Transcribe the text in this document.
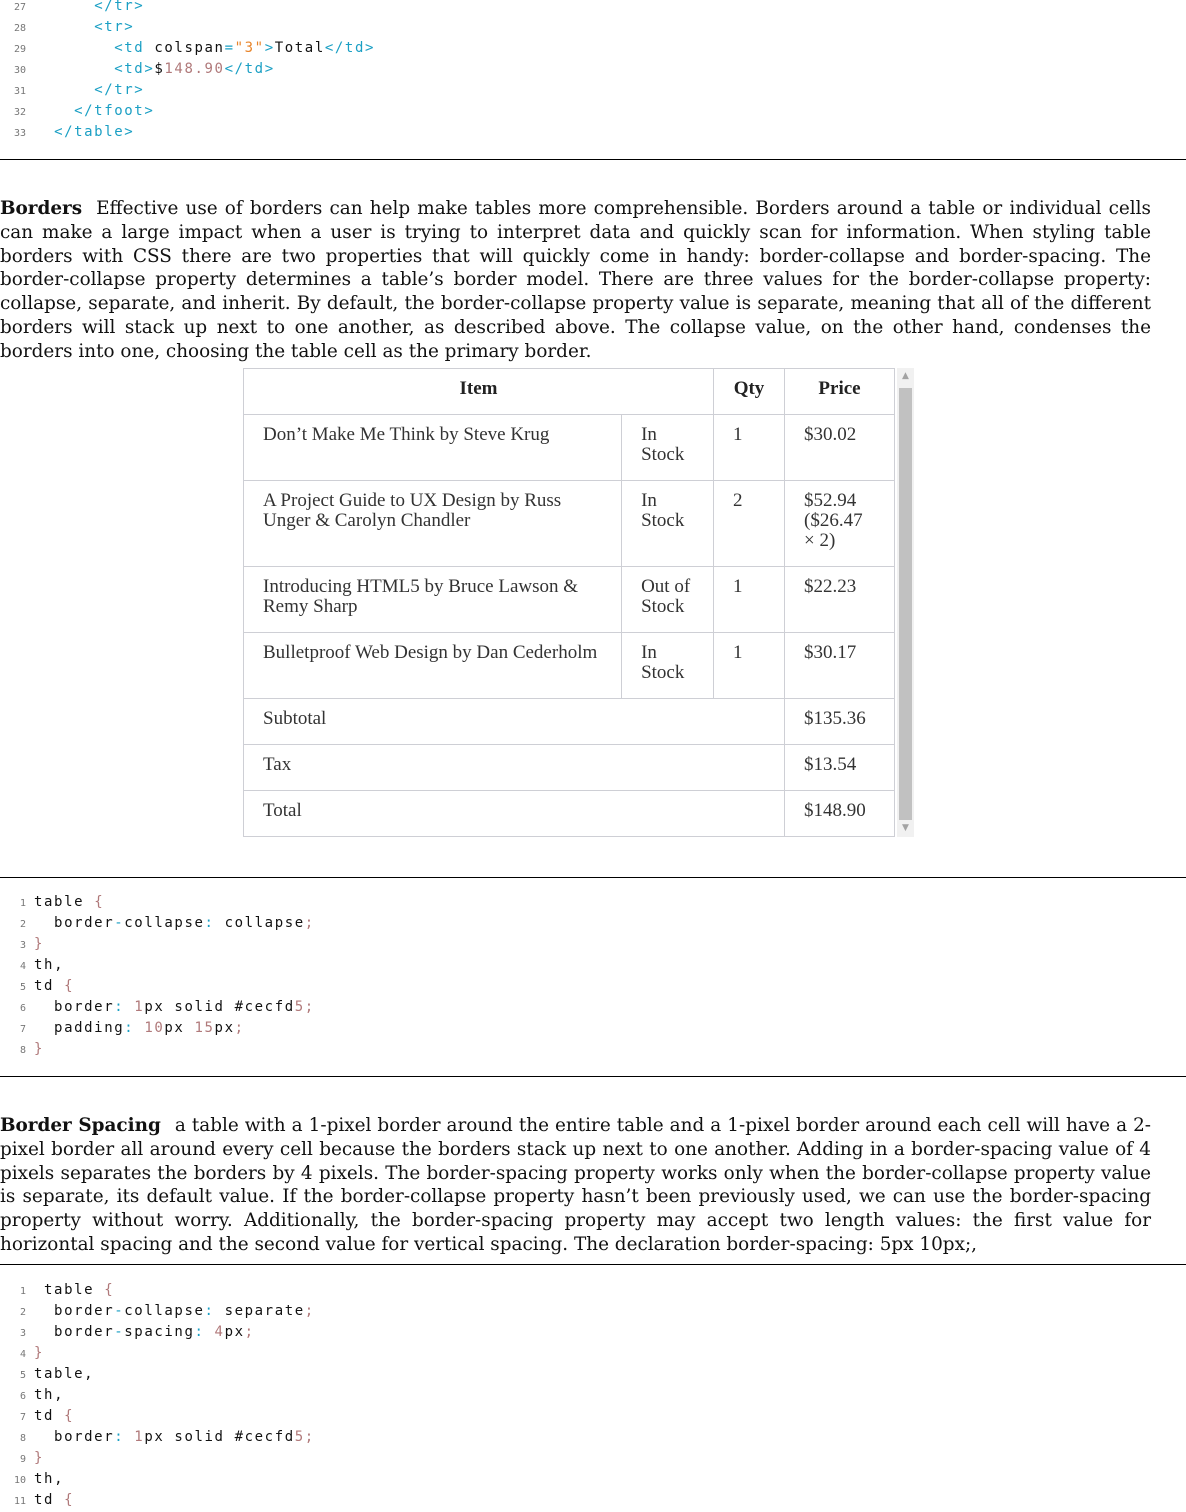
27	</tr>
28	<tr>
29	<td colspan="3">Total</td>
30	<td>$148.90</td>
31	</tr>
32	</tfoot>
33 </table>

Borders Effective use of borders can help make tables more comprehensible. Borders around a table or individual cells can make a large impact when a user is trying to interpret data and quickly scan for information. When styling table borders with CSS there are two properties that will quickly come in handy: border-collapse and border-spacing. The border-collapse property determines a table’s border model. There are three values for the border-collapse property: collapse, separate, and inherit. By default, the border-collapse property value is separate, meaning that all of the different borders will stack up next to one another, as described above. The collapse value, on the other hand, condenses the borders into one, choosing the table cell as the primary border.

Item		Qty	Price
Don’t Make Me Think by Steve Krug	In Stock	1	$30.02
A Project Guide to UX Design by Russ Unger & Carolyn Chandler	In Stock	2	$52.94 ($26.47 × 2)
Introducing HTML5 by Bruce Lawson & Remy Sharp	Out of Stock	1	$22.23
Bulletproof Web Design by Dan Cederholm	In Stock	1	$30.17
Subtotal			$135.36
Tax			$13.54
Total			$148.90
▲
▼
1 table {
2  border-collapse: collapse;
3 }
4 th,
5 td {
6  border: 1px solid #cecfd5;
7  padding: 10px 15px;
8 }

Border Spacing a table with a 1-pixel border around the entire table and a 1-pixel border around each cell will have a 2-pixel border all around every cell because the borders stack up next to one another. Adding in a border-spacing value of 4 pixels separates the borders by 4 pixels. The border-spacing property works only when the border-collapse property value is separate, its default value. If the border-collapse property hasn’t been previously used, we can use the border-spacing property without worry. Additionally, the border-spacing property may accept two length values: the first value for horizontal spacing and the second value for vertical spacing. The declaration border-spacing: 5px 10px;,

1 table {
2  border-collapse: separate;
3  border-spacing: 4px;
4 }
5 table,
6 th,
7 td {
8  border: 1px solid #cecfd5;
9 }
10 th,
11 td {
